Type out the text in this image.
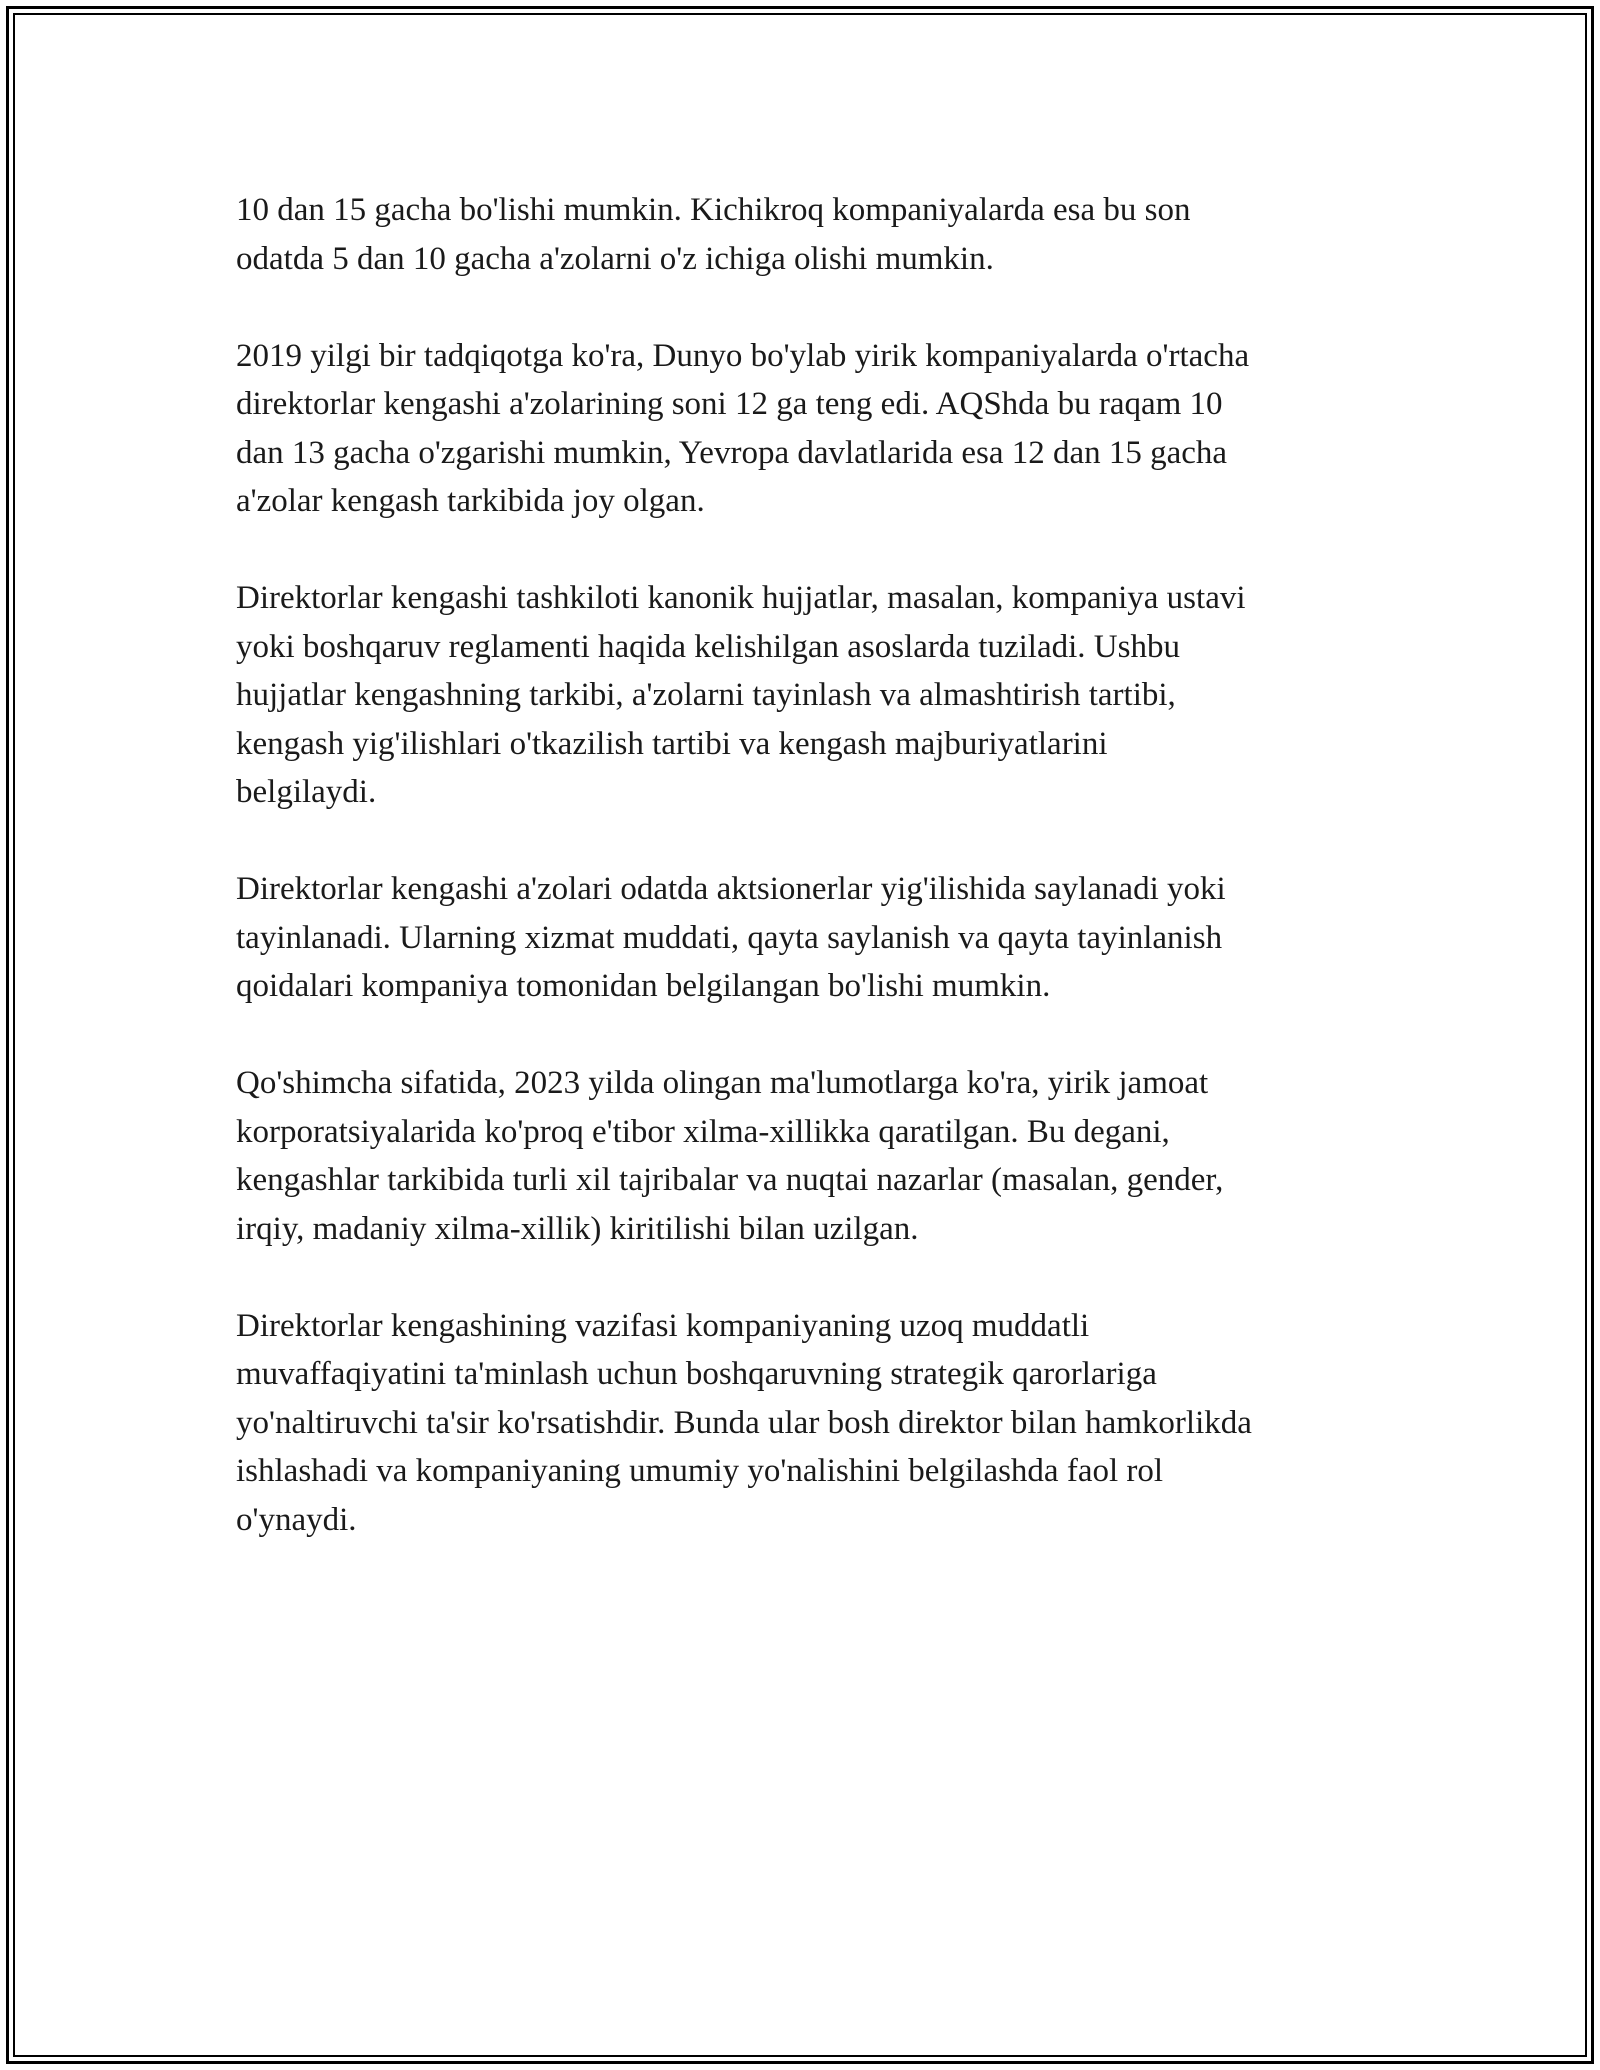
10 dan 15 gacha bo'lishi mumkin. Kichikroq kompaniyalarda esa bu son
odatda 5 dan 10 gacha a'zolarni o'z ichiga olishi mumkin.

2019 yilgi bir tadqiqotga ko'ra, Dunyo bo'ylab yirik kompaniyalarda o'rtacha
direktorlar kengashi a'zolarining soni 12 ga teng edi. AQShda bu raqam 10
dan 13 gacha o'zgarishi mumkin, Yevropa davlatlarida esa 12 dan 15 gacha
a'zolar kengash tarkibida joy olgan.

Direktorlar kengashi tashkiloti kanonik hujjatlar, masalan, kompaniya ustavi
yoki boshqaruv reglamenti haqida kelishilgan asoslarda tuziladi. Ushbu
hujjatlar kengashning tarkibi, a'zolarni tayinlash va almashtirish tartibi,
kengash yig'ilishlari o'tkazilish tartibi va kengash majburiyatlarini
belgilaydi.

Direktorlar kengashi a'zolari odatda aktsionerlar yig'ilishida saylanadi yoki
tayinlanadi. Ularning xizmat muddati, qayta saylanish va qayta tayinlanish
qoidalari kompaniya tomonidan belgilangan bo'lishi mumkin.

Qo'shimcha sifatida, 2023 yilda olingan ma'lumotlarga ko'ra, yirik jamoat
korporatsiyalarida ko'proq e'tibor xilma-xillikka qaratilgan. Bu degani,
kengashlar tarkibida turli xil tajribalar va nuqtai nazarlar (masalan, gender,
irqiy, madaniy xilma-xillik) kiritilishi bilan uzilgan.

Direktorlar kengashining vazifasi kompaniyaning uzoq muddatli
muvaffaqiyatini ta'minlash uchun boshqaruvning strategik qarorlariga
yo'naltiruvchi ta'sir ko'rsatishdir. Bunda ular bosh direktor bilan hamkorlikda
ishlashadi va kompaniyaning umumiy yo'nalishini belgilashda faol rol
o'ynaydi.
